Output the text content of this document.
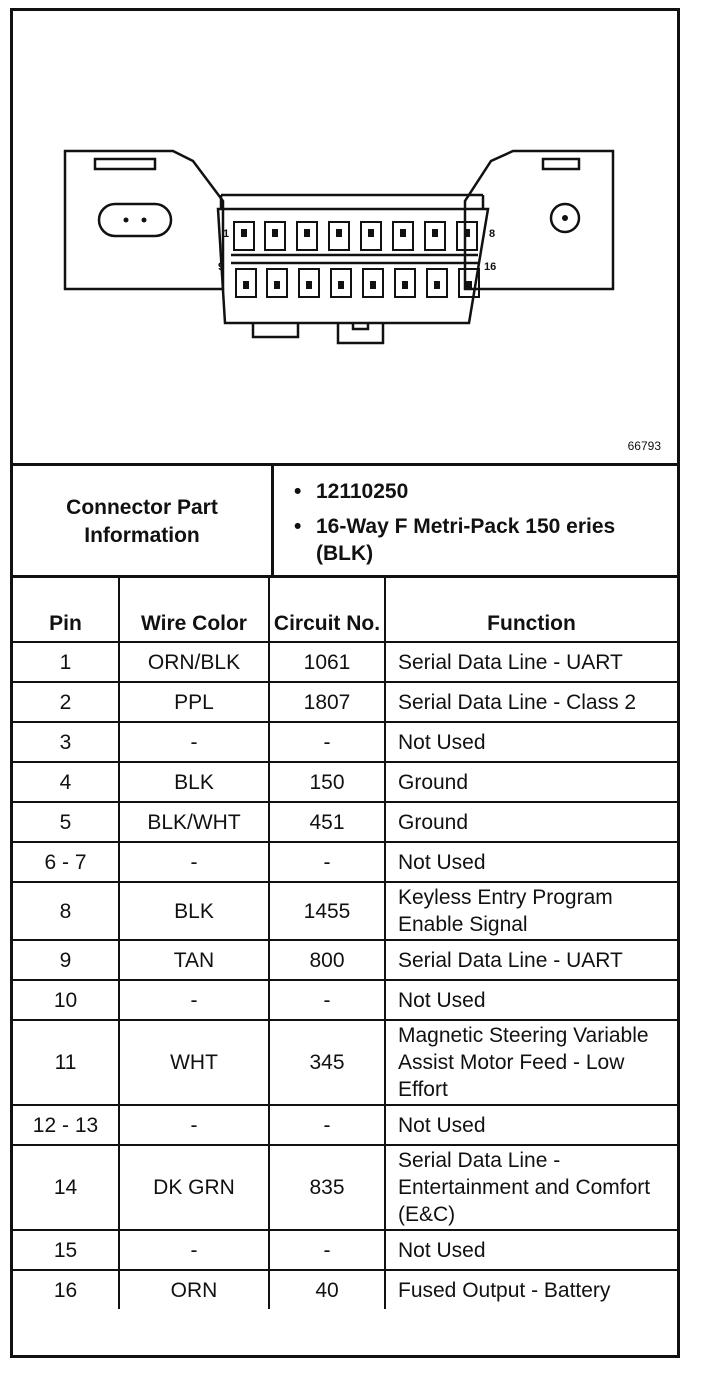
1	8
9	16
66793
Connector Part Information	
• 12110250
• 16-Way F Metri-Pack 150 eries (BLK)
Pin	Wire Color	Circuit No.	Function
1	ORN/BLK	1061	Serial Data Line - UART
2	PPL	1807	Serial Data Line - Class 2
3	-	-	Not Used
4	BLK	150	Ground
5	BLK/WHT	451	Ground
6 - 7	-	-	Not Used
8	BLK	1455	Keyless Entry Program Enable Signal
9	TAN	800	Serial Data Line - UART
10	-	-	Not Used
11	WHT	345	Magnetic Steering Variable Assist Motor Feed - Low Effort
12 - 13	-	-	Not Used
14	DK GRN	835	Serial Data Line - Entertainment and Comfort (E&C)
15	-	-	Not Used
16	ORN	40	Fused Output - Battery
